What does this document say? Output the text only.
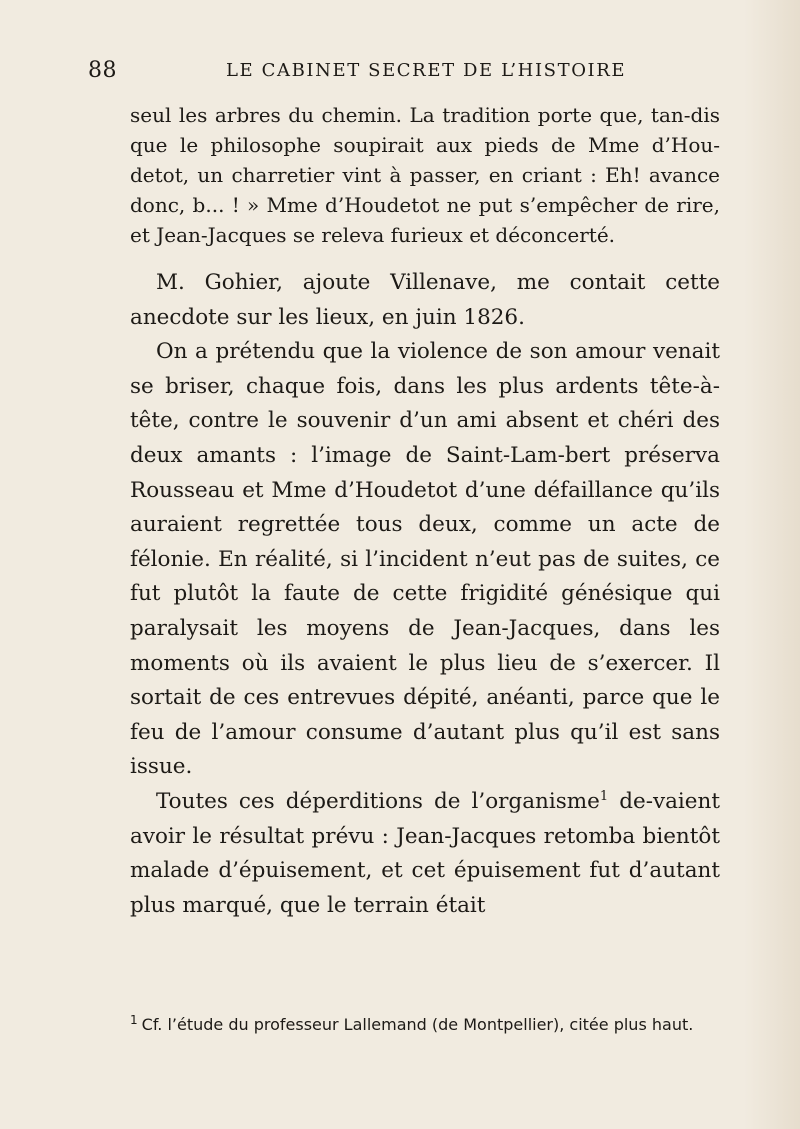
88	LE CABINET SECRET DE L’HISTOIRE

seul les arbres du chemin. La tradition porte que, tan-dis que le philosophe soupirait aux pieds de Mme d’Hou-detot, un charretier vint à passer, en criant : Eh! avance donc, b... ! » Mme d’Houdetot ne put s’empêcher de rire, et Jean-Jacques se releva furieux et déconcerté.

M. Gohier, ajoute Villenave, me contait cette anecdote sur les lieux, en juin 1826.

On a prétendu que la violence de son amour venait se briser, chaque fois, dans les plus ardents tête-à-tête, contre le souvenir d’un ami absent et chéri des deux amants : l’image de Saint-Lam-bert préserva Rousseau et Mme d’Houdetot d’une défaillance qu’ils auraient regrettée tous deux, comme un acte de félonie. En réalité, si l’incident n’eut pas de suites, ce fut plutôt la faute de cette frigidité génésique qui paralysait les moyens de Jean-Jacques, dans les moments où ils avaient le plus lieu de s’exercer. Il sortait de ces entrevues dépité, anéanti, parce que le feu de l’amour consume d’autant plus qu’il est sans issue.

Toutes ces déperditions de l’organisme$^1$ de-vaient avoir le résultat prévu : Jean-Jacques retomba bientôt malade d’épuisement, et cet épuisement fut d’autant plus marqué, que le terrain était

$^1$ Cf. l’étude du professeur Lallemand (de Montpellier), citée plus haut.
